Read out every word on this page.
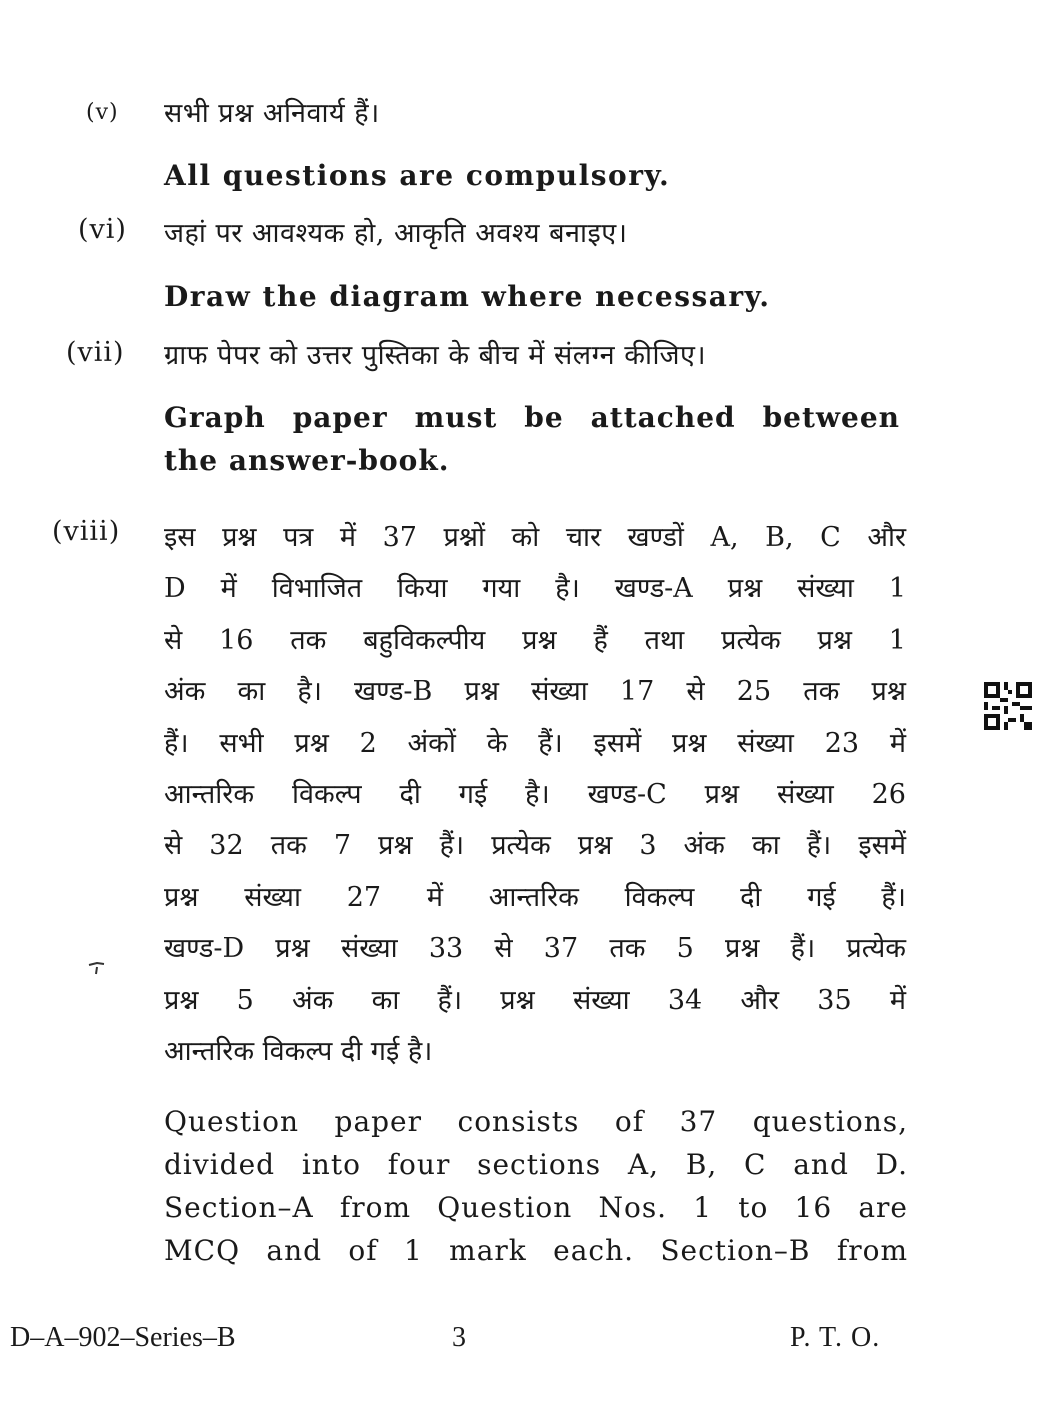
(v) सभी प्रश्न अनिवार्य हैं।
All questions are compulsory.
(vi) जहां पर आवश्यक हो, आकृति अवश्य बनाइए।
Draw the diagram where necessary.
(vii) ग्राफ पेपर को उत्तर पुस्तिका के बीच में संलग्न कीजिए।
Graph paper must be attached between
the answer-book.
(viii) इस प्रश्न पत्र में 37 प्रश्नों को चार खण्डों A, B, C और
D में विभाजित किया गया है। खण्ड-A प्रश्न संख्या 1
से 16 तक बहुविकल्पीय प्रश्न हैं तथा प्रत्येक प्रश्न 1
अंक का है। खण्ड-B प्रश्न संख्या 17 से 25 तक प्रश्न
हैं। सभी प्रश्न 2 अंकों के हैं। इसमें प्रश्न संख्या 23 में
आन्तरिक विकल्प दी गई है। खण्ड-C प्रश्न संख्या 26
से 32 तक 7 प्रश्न हैं। प्रत्येक प्रश्न 3 अंक का हैं। इसमें
प्रश्न संख्या 27 में आन्तरिक विकल्प दी गई हैं।
खण्ड-D प्रश्न संख्या 33 से 37 तक 5 प्रश्न हैं। प्रत्येक
प्रश्न 5 अंक का हैं। प्रश्न संख्या 34 और 35 में
आन्तरिक विकल्प दी गई है।
Question paper consists of 37 questions,
divided into four sections A, B, C and D.
Section–A from Question Nos. 1 to 16 are
MCQ and of 1 mark each. Section–B from
D–A–902–Series–B	3	P. T. O.
